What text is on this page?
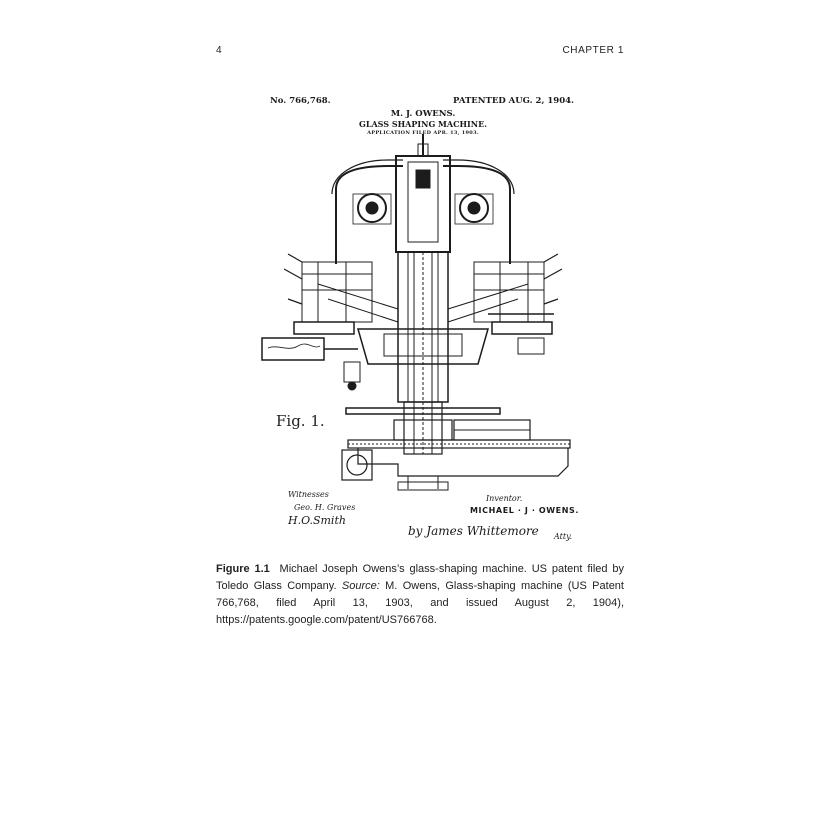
4	CHAPTER 1
No. 766,768.	PATENTED AUG. 2, 1904.
M. J. OWENS.
GLASS SHAPING MACHINE.
APPLICATION FILED APR. 13, 1903.
Fig. 1.
Witnesses
Geo. H. Graves
H.O.Smith
Inventor.
MICHAEL · J · OWENS.
by James Whittemore Atty.
Figure 1.1 Michael Joseph Owens’s glass-shaping machine. US patent filed by Toledo Glass Company. Source: M. Owens, Glass-shaping machine (US Patent 766,768, filed April 13, 1903, and issued August 2, 1904), https://patents.google.com/patent/US766768.
